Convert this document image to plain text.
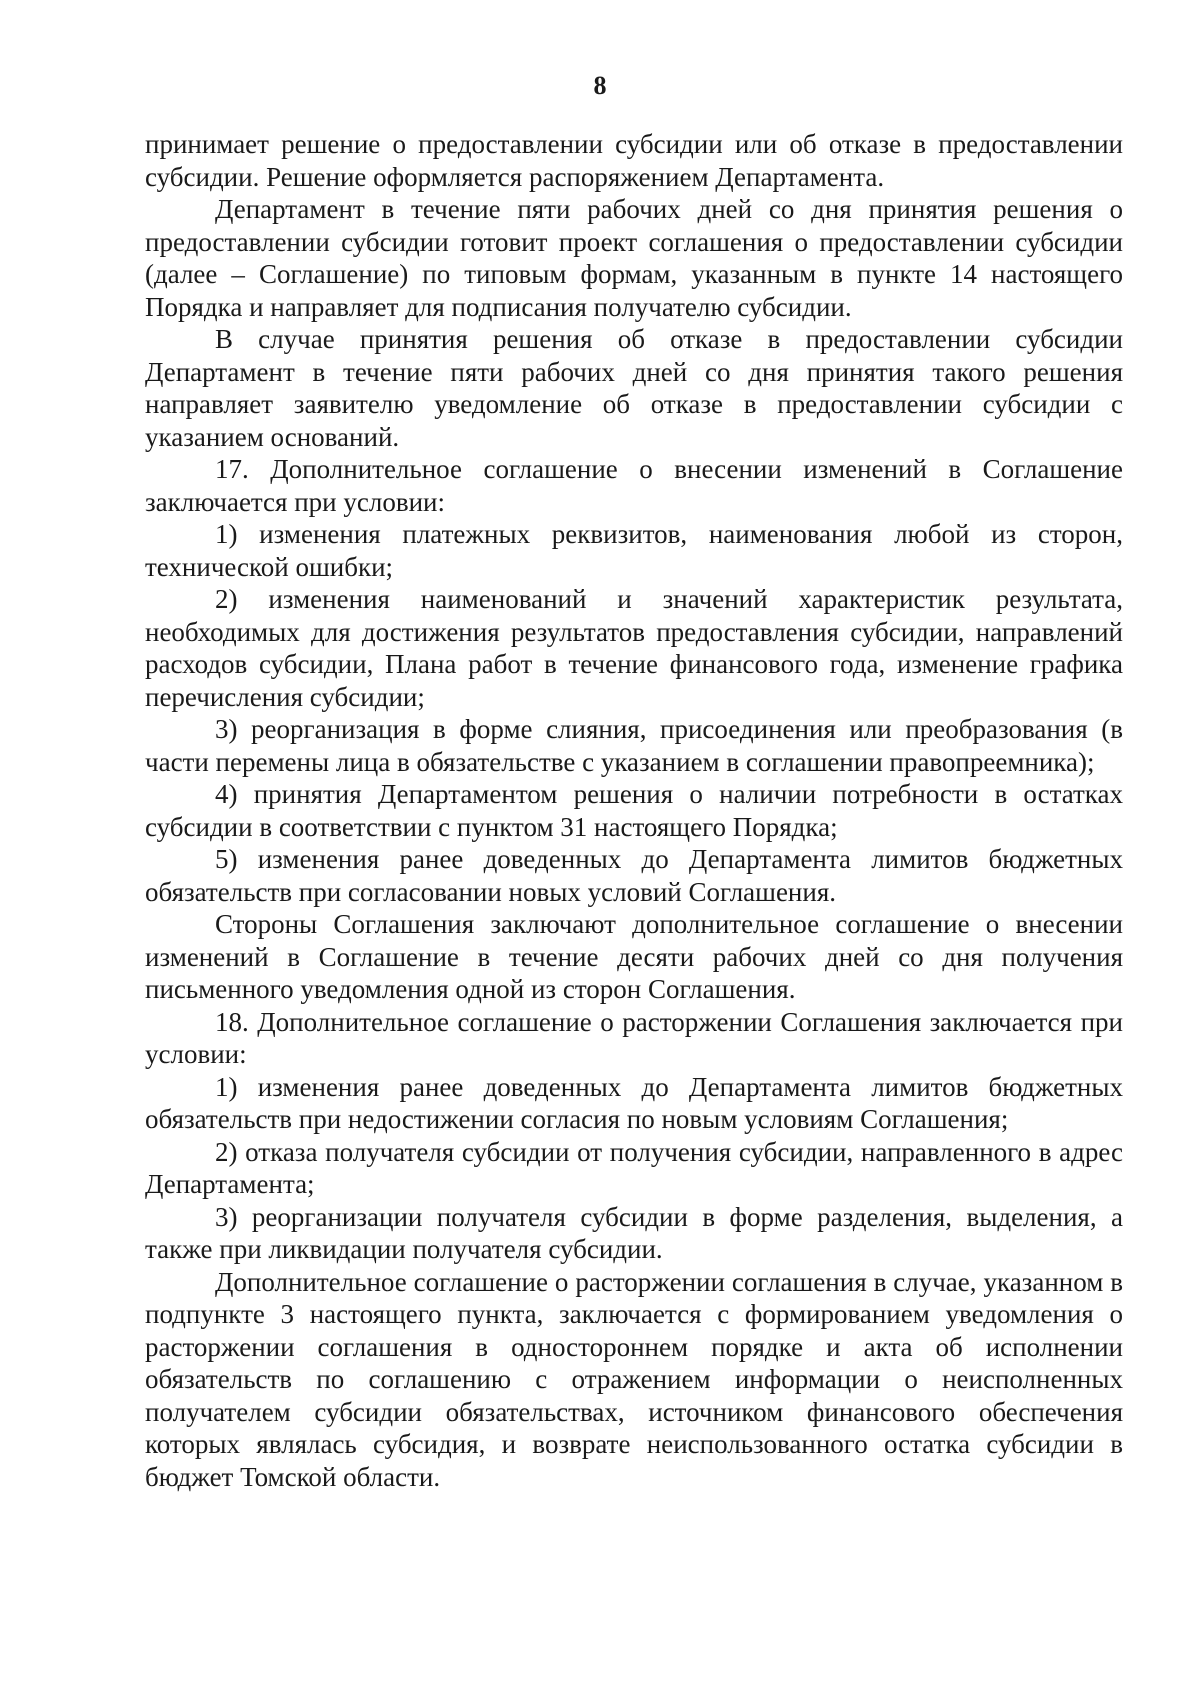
8

принимает решение о предоставлении субсидии или об отказе в предоставлении субсидии. Решение оформляется распоряжением Департамента.

Департамент в течение пяти рабочих дней со дня принятия решения о предоставлении субсидии готовит проект соглашения о предоставлении субсидии (далее – Соглашение) по типовым формам, указанным в пункте 14 настоящего Порядка и направляет для подписания получателю субсидии.

В случае принятия решения об отказе в предоставлении субсидии Департамент в течение пяти рабочих дней со дня принятия такого решения направляет заявителю уведомление об отказе в предоставлении субсидии с указанием оснований.

17. Дополнительное соглашение о внесении изменений в Соглашение заключается при условии:

1) изменения платежных реквизитов, наименования любой из сторон, технической ошибки;

2) изменения наименований и значений характеристик результата, необходимых для достижения результатов предоставления субсидии, направлений расходов субсидии, Плана работ в течение финансового года, изменение графика перечисления субсидии;

3) реорганизация в форме слияния, присоединения или преобразования (в части перемены лица в обязательстве с указанием в соглашении правопреемника);

4) принятия Департаментом решения о наличии потребности в остатках субсидии в соответствии с пунктом 31 настоящего Порядка;

5) изменения ранее доведенных до Департамента лимитов бюджетных обязательств при согласовании новых условий Соглашения.

Стороны Соглашения заключают дополнительное соглашение о внесении изменений в Соглашение в течение десяти рабочих дней со дня получения письменного уведомления одной из сторон Соглашения.

18. Дополнительное соглашение о расторжении Соглашения заключается при условии:

1) изменения ранее доведенных до Департамента лимитов бюджетных обязательств при недостижении согласия по новым условиям Соглашения;

2) отказа получателя субсидии от получения субсидии, направленного в адрес Департамента;

3) реорганизации получателя субсидии в форме разделения, выделения, а также при ликвидации получателя субсидии.

Дополнительное соглашение о расторжении соглашения в случае, указанном в подпункте 3 настоящего пункта, заключается с формированием уведомления о расторжении соглашения в одностороннем порядке и акта об исполнении обязательств по соглашению с отражением информации о неисполненных получателем субсидии обязательствах, источником финансового обеспечения которых являлась субсидия, и возврате неиспользованного остатка субсидии в бюджет Томской области.
